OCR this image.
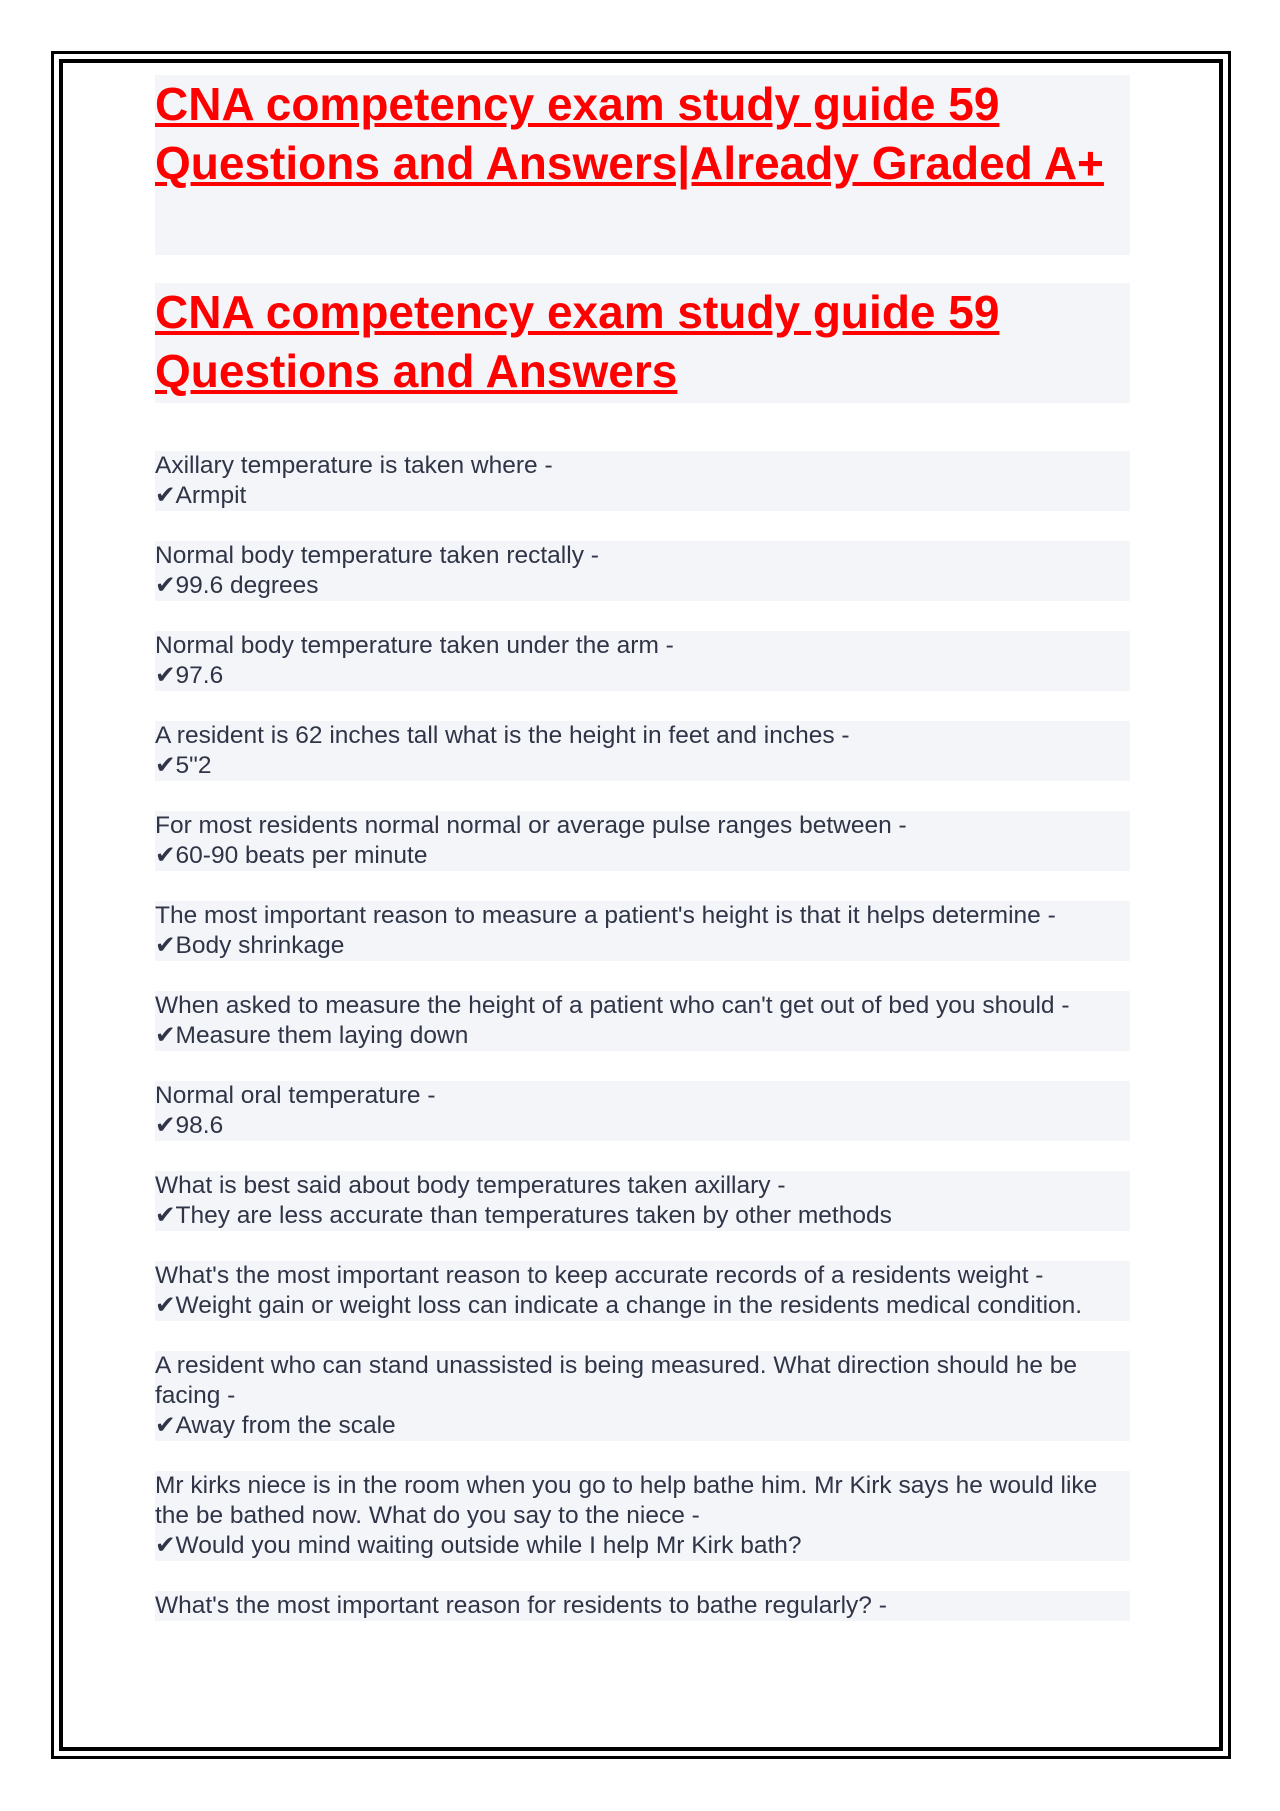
CNA competency exam study guide 59 Questions and Answers|Already Graded A+
CNA competency exam study guide 59 Questions and Answers
Axillary temperature is taken where -
✔Armpit
Normal body temperature taken rectally -
✔99.6 degrees
Normal body temperature taken under the arm -
✔97.6
A resident is 62 inches tall what is the height in feet and inches -
✔5"2
For most residents normal normal or average pulse ranges between -
✔60-90 beats per minute
The most important reason to measure a patient's height is that it helps determine -
✔Body shrinkage
When asked to measure the height of a patient who can't get out of bed you should -
✔Measure them laying down
Normal oral temperature -
✔98.6
What is best said about body temperatures taken axillary -
✔They are less accurate than temperatures taken by other methods
What's the most important reason to keep accurate records of a residents weight -
✔Weight gain or weight loss can indicate a change in the residents medical condition.
A resident who can stand unassisted is being measured. What direction should he be facing -
✔Away from the scale
Mr kirks niece is in the room when you go to help bathe him. Mr Kirk says he would like the be bathed now. What do you say to the niece -
✔Would you mind waiting outside while I help Mr Kirk bath?
What's the most important reason for residents to bathe regularly? -
